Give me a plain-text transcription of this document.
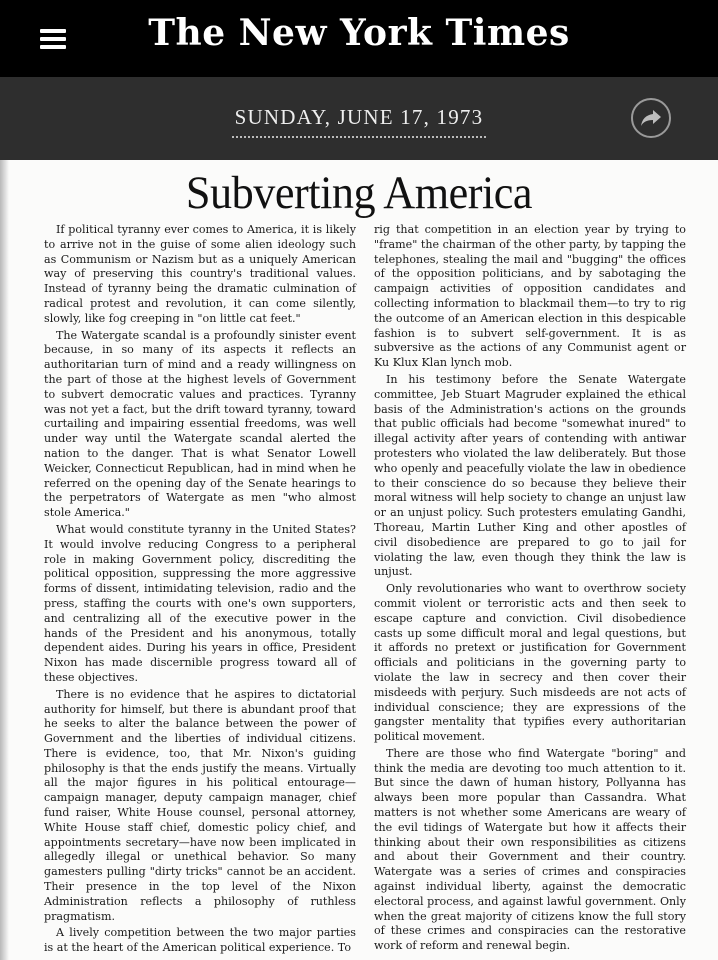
The New York Times
SUNDAY, JUNE 17, 1973
Subverting America

If political tyranny ever comes to America, it is likely to arrive not in the guise of some alien ideology such as Communism or Nazism but as a uniquely American way of preserving this country's traditional values. Instead of tyranny being the dramatic culmination of radical protest and revolution, it can come silently, slowly, like fog creeping in "on little cat feet."

The Watergate scandal is a profoundly sinister event because, in so many of its aspects it reflects an authoritarian turn of mind and a ready willingness on the part of those at the highest levels of Government to subvert democratic values and practices. Tyranny was not yet a fact, but the drift toward tyranny, toward curtailing and impairing essential freedoms, was well under way until the Watergate scandal alerted the nation to the danger. That is what Senator Lowell Weicker, Connecticut Republican, had in mind when he referred on the opening day of the Senate hearings to the perpetrators of Watergate as men "who almost stole America."

What would constitute tyranny in the United States? It would involve reducing Congress to a peripheral role in making Government policy, discrediting the political opposition, suppressing the more aggressive forms of dissent, intimidating television, radio and the press, staffing the courts with one's own supporters, and centralizing all of the executive power in the hands of the President and his anonymous, totally dependent aides. During his years in office, President Nixon has made discernible progress toward all of these objectives.

There is no evidence that he aspires to dictatorial authority for himself, but there is abundant proof that he seeks to alter the balance between the power of Government and the liberties of individual citizens. There is evidence, too, that Mr. Nixon's guiding philosophy is that the ends justify the means. Virtually all the major figures in his political entourage—campaign manager, deputy campaign manager, chief fund raiser, White House counsel, personal attorney, White House staff chief, domestic policy chief, and appointments secretary—have now been implicated in allegedly illegal or unethical behavior. So many gamesters pulling "dirty tricks" cannot be an accident. Their presence in the top level of the Nixon Administration reflects a philosophy of ruthless pragmatism.

A lively competition between the two major parties is at the heart of the American political experience. To

rig that competition in an election year by trying to "frame" the chairman of the other party, by tapping the telephones, stealing the mail and "bugging" the offices of the opposition politicians, and by sabotaging the campaign activities of opposition candidates and collecting information to blackmail them—to try to rig the outcome of an American election in this despicable fashion is to subvert self-government. It is as subversive as the actions of any Communist agent or Ku Klux Klan lynch mob.

In his testimony before the Senate Watergate committee, Jeb Stuart Magruder explained the ethical basis of the Administration's actions on the grounds that public officials had become "somewhat inured" to illegal activity after years of contending with antiwar protesters who violated the law deliberately. But those who openly and peacefully violate the law in obedience to their conscience do so because they believe their moral witness will help society to change an unjust law or an unjust policy. Such protesters emulating Gandhi, Thoreau, Martin Luther King and other apostles of civil disobedience are prepared to go to jail for violating the law, even though they think the law is unjust.

Only revolutionaries who want to overthrow society commit violent or terroristic acts and then seek to escape capture and conviction. Civil disobedience casts up some difficult moral and legal questions, but it affords no pretext or justification for Government officials and politicians in the governing party to violate the law in secrecy and then cover their misdeeds with perjury. Such misdeeds are not acts of individual conscience; they are expressions of the gangster mentality that typifies every authoritarian political movement.

There are those who find Watergate "boring" and think the media are devoting too much attention to it. But since the dawn of human history, Pollyanna has always been more popular than Cassandra. What matters is not whether some Americans are weary of the evil tidings of Watergate but how it affects their thinking about their own responsibilities as citizens and about their Government and their country. Watergate was a series of crimes and conspiracies against individual liberty, against the democratic electoral process, and against lawful government. Only when the great majority of citizens know the full story of these crimes and conspiracies can the restorative work of reform and renewal begin.
